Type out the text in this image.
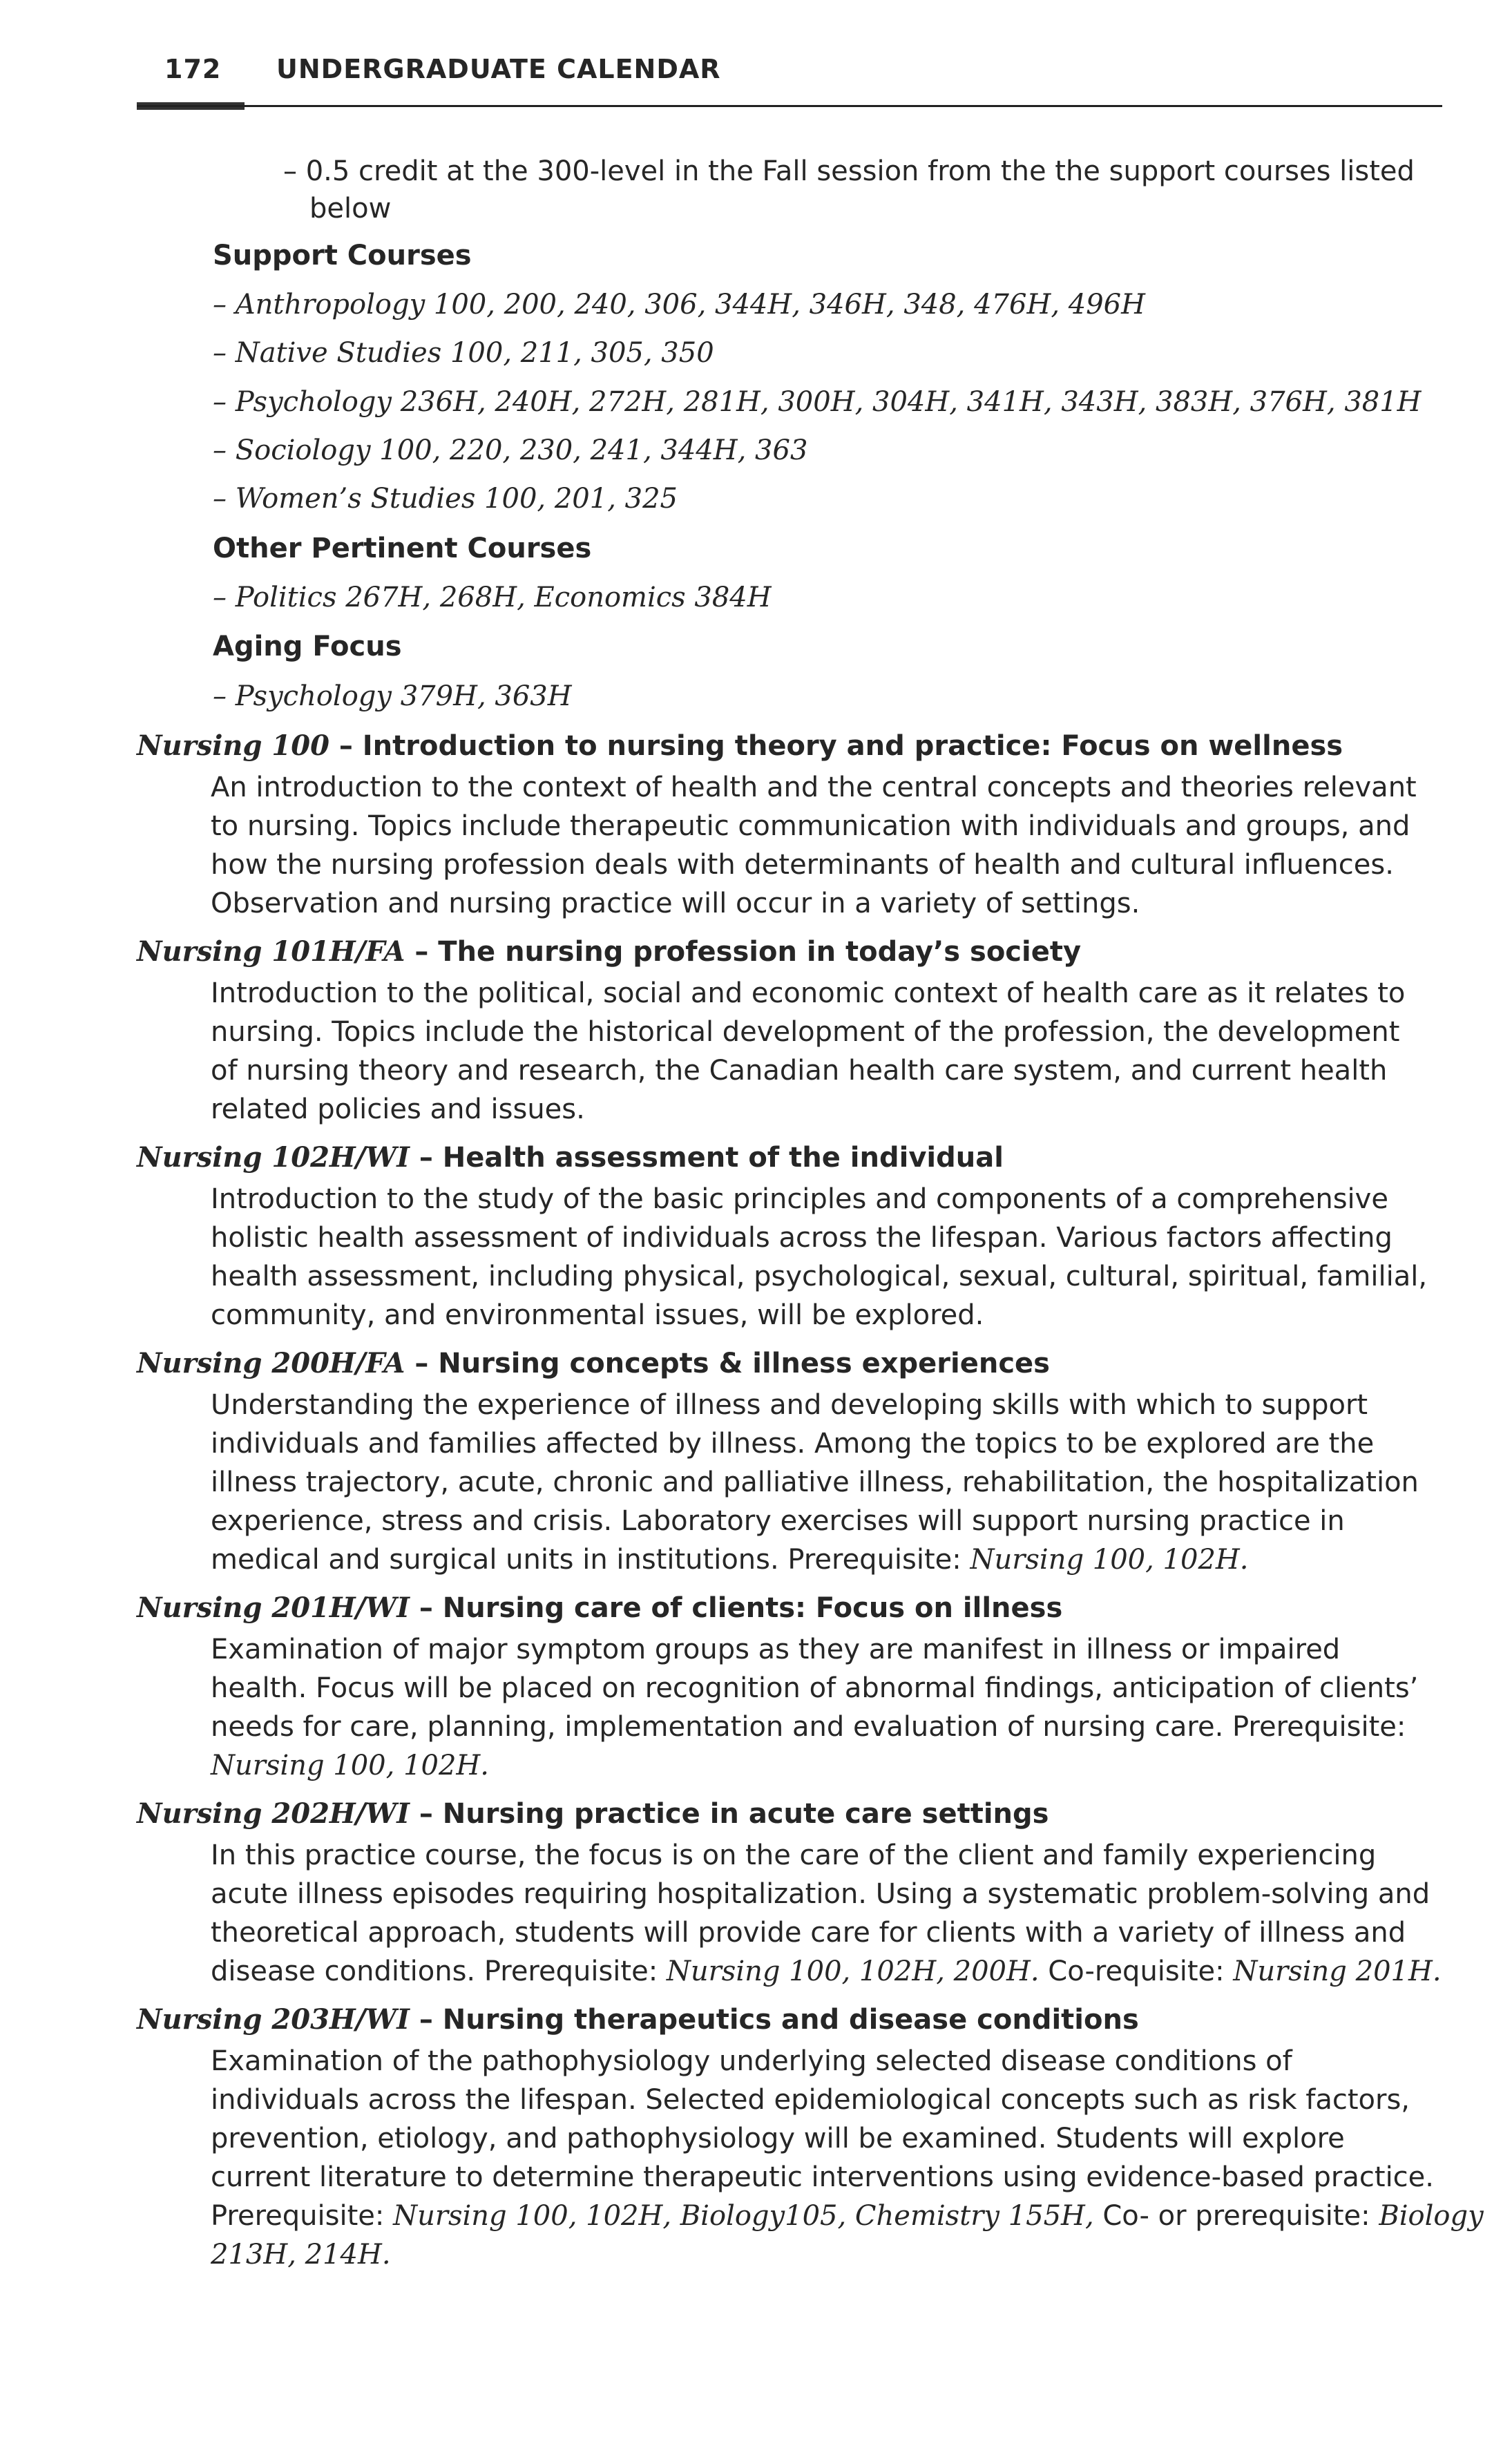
172 UNDERGRADUATE CALENDAR
– 0.5 credit at the 300-level in the Fall session from the the support courses listed
below
Support Courses
– Anthropology 100, 200, 240, 306, 344H, 346H, 348, 476H, 496H
– Native Studies 100, 211, 305, 350
– Psychology 236H, 240H, 272H, 281H, 300H, 304H, 341H, 343H, 383H, 376H, 381H
– Sociology 100, 220, 230, 241, 344H, 363
– Women’s Studies 100, 201, 325
Other Pertinent Courses
– Politics 267H, 268H, Economics 384H
Aging Focus
– Psychology 379H, 363H
Nursing 100 – Introduction to nursing theory and practice: Focus on wellness
An introduction to the context of health and the central concepts and theories relevant
to nursing. Topics include therapeutic communication with individuals and groups, and
how the nursing profession deals with determinants of health and cultural influences.
Observation and nursing practice will occur in a variety of settings.
Nursing 101H/FA – The nursing profession in today’s society
Introduction to the political, social and economic context of health care as it relates to
nursing. Topics include the historical development of the profession, the development
of nursing theory and research, the Canadian health care system, and current health
related policies and issues.
Nursing 102H/WI – Health assessment of the individual
Introduction to the study of the basic principles and components of a comprehensive
holistic health assessment of individuals across the lifespan. Various factors affecting
health assessment, including physical, psychological, sexual, cultural, spiritual, familial,
community, and environmental issues, will be explored.
Nursing 200H/FA – Nursing concepts & illness experiences
Understanding the experience of illness and developing skills with which to support
individuals and families affected by illness. Among the topics to be explored are the
illness trajectory, acute, chronic and palliative illness, rehabilitation, the hospitalization
experience, stress and crisis. Laboratory exercises will support nursing practice in
medical and surgical units in institutions. Prerequisite: Nursing 100, 102H.
Nursing 201H/WI – Nursing care of clients: Focus on illness
Examination of major symptom groups as they are manifest in illness or impaired
health. Focus will be placed on recognition of abnormal findings, anticipation of clients’
needs for care, planning, implementation and evaluation of nursing care. Prerequisite:
Nursing 100, 102H.
Nursing 202H/WI – Nursing practice in acute care settings
In this practice course, the focus is on the care of the client and family experiencing
acute illness episodes requiring hospitalization. Using a systematic problem-solving and
theoretical approach, students will provide care for clients with a variety of illness and
disease conditions. Prerequisite: Nursing 100, 102H, 200H. Co-requisite: Nursing 201H.
Nursing 203H/WI – Nursing therapeutics and disease conditions
Examination of the pathophysiology underlying selected disease conditions of
individuals across the lifespan. Selected epidemiological concepts such as risk factors,
prevention, etiology, and pathophysiology will be examined. Students will explore
current literature to determine therapeutic interventions using evidence-based practice.
Prerequisite: Nursing 100, 102H, Biology105, Chemistry 155H, Co- or prerequisite: Biology
213H, 214H.
